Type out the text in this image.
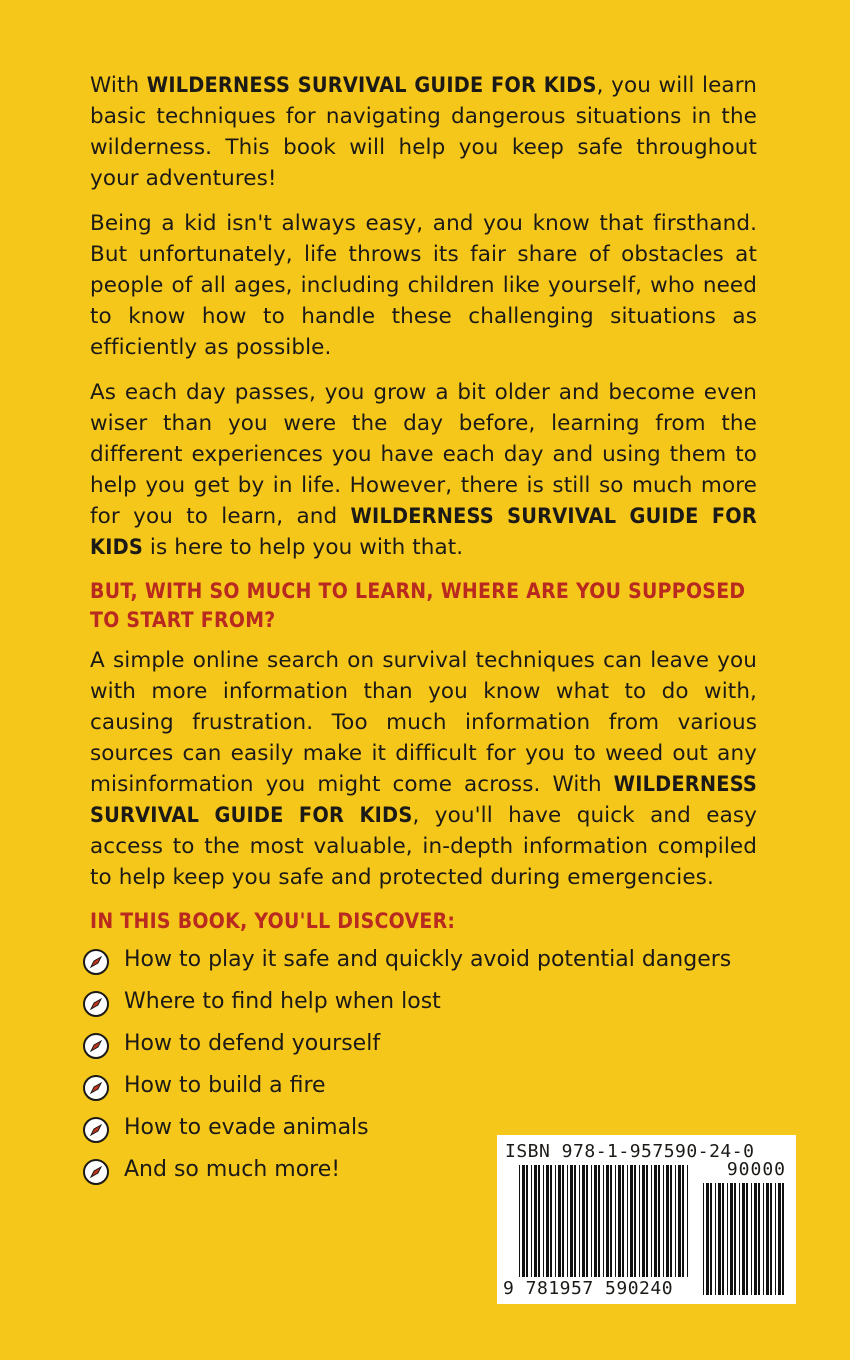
With WILDERNESS SURVIVAL GUIDE FOR KIDS, you will learn basic techniques for navigating dangerous situations in the wilderness. This book will help you keep safe throughout your adventures!

Being a kid isn't always easy, and you know that firsthand. But unfortunately, life throws its fair share of obstacles at people of all ages, including children like yourself, who need to know how to handle these challenging situations as efficiently as possible.

As each day passes, you grow a bit older and become even wiser than you were the day before, learning from the different experiences you have each day and using them to help you get by in life. However, there is still so much more for you to learn, and WILDERNESS SURVIVAL GUIDE FOR KIDS is here to help you with that.

BUT, WITH SO MUCH TO LEARN, WHERE ARE YOU SUPPOSED TO START FROM?

A simple online search on survival techniques can leave you with more information than you know what to do with, causing frustration. Too much information from various sources can easily make it difficult for you to weed out any misinformation you might come across. With WILDERNESS SURVIVAL GUIDE FOR KIDS, you'll have quick and easy access to the most valuable, in-depth information compiled to help keep you safe and protected during emergencies.

IN THIS BOOK, YOU'LL DISCOVER:
How to play it safe and quickly avoid potential dangers
Where to find help when lost
How to defend yourself
How to build a fire
How to evade animals
And so much more!
ISBN 978-1-957590-24-0
90000
9 781957 590240
